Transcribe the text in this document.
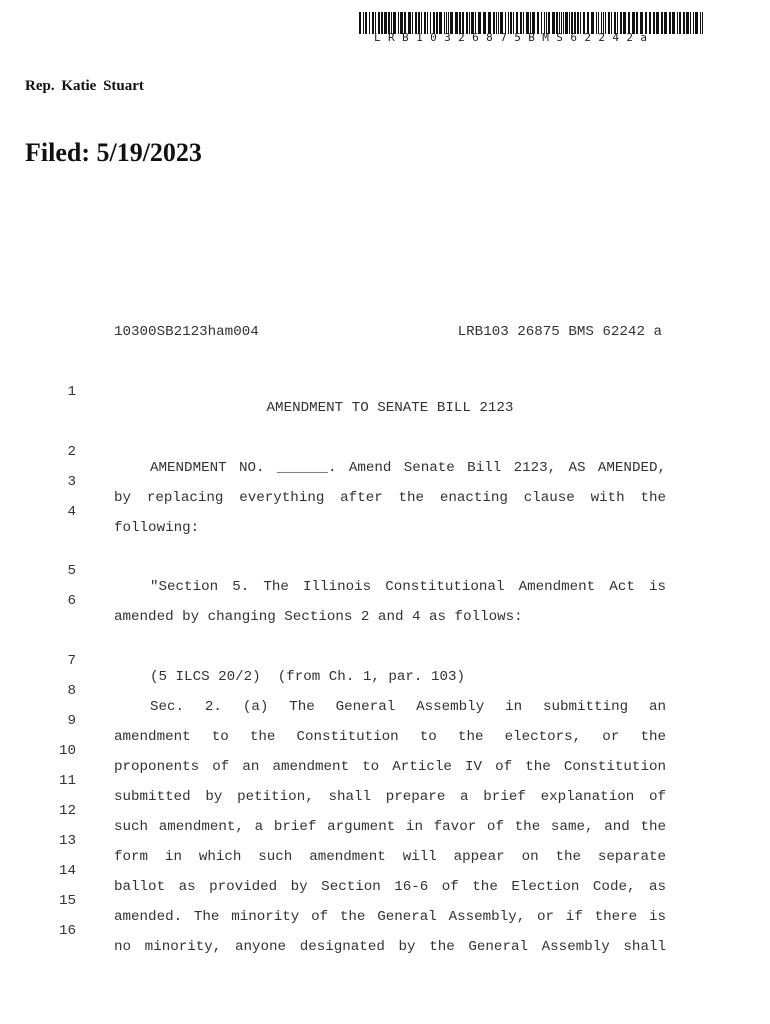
LRB10326875BMS62242a
Rep. Katie Stuart
Filed: 5/19/2023
10300SB2123ham004	LRB103 26875 BMS 62242 a

1

AMENDMENT TO SENATE BILL 2123

2

AMENDMENT NO. ______. Amend Senate Bill 2123, AS AMENDED,

3

by replacing everything after the enacting clause with the

4

following:

5

"Section 5. The Illinois Constitutional Amendment Act is

6

amended by changing Sections 2 and 4 as follows:

7

(5 ILCS 20/2)  (from Ch. 1, par. 103)

8

Sec. 2. (a) The General Assembly in submitting an

9

amendment to the Constitution to the electors, or the

10

proponents of an amendment to Article IV of the Constitution

11

submitted by petition, shall prepare a brief explanation of

12

such amendment, a brief argument in favor of the same, and the

13

form in which such amendment will appear on the separate

14

ballot as provided by Section 16-6 of the Election Code, as

15

amended. The minority of the General Assembly, or if there is

16

no minority, anyone designated by the General Assembly shall
